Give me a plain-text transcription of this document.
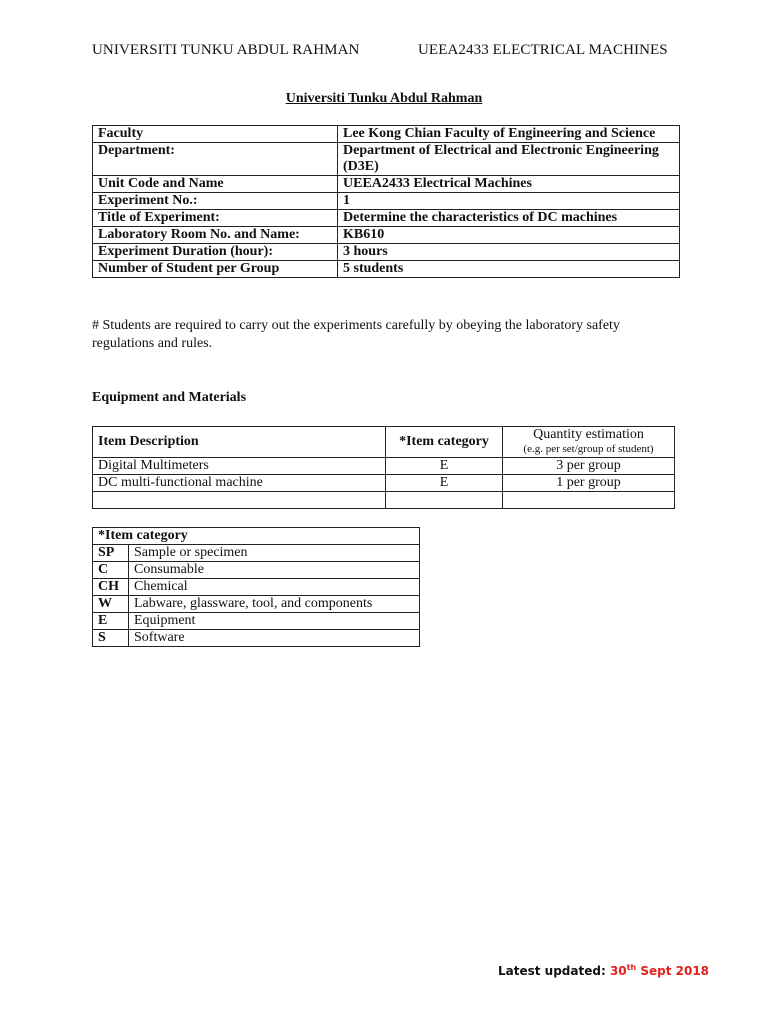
UNIVERSITI TUNKU ABDUL RAHMAN	UEEA2433 ELECTRICAL MACHINES
Universiti Tunku Abdul Rahman
Faculty	Lee Kong Chian Faculty of Engineering and Science
Department:	Department of Electrical and Electronic Engineering (D3E)
Unit Code and Name	UEEA2433 Electrical Machines
Experiment No.:	1
Title of Experiment:	Determine the characteristics of DC machines
Laboratory Room No. and Name:	KB610
Experiment Duration (hour):	3 hours
Number of Student per Group	5 students
# Students are required to carry out the experiments carefully by obeying the laboratory safety regulations and rules.
Equipment and Materials
Item Description	*Item category	Quantity estimation
(e.g. per set/group of student)

Digital Multimeters	E	3 per group
DC multi-functional machine	E	1 per group

*Item category	
SP	Sample or specimen
C	Consumable
CH	Chemical
W	Labware, glassware, tool, and components
E	Equipment
S	Software
Latest updated: 30th Sept 2018
